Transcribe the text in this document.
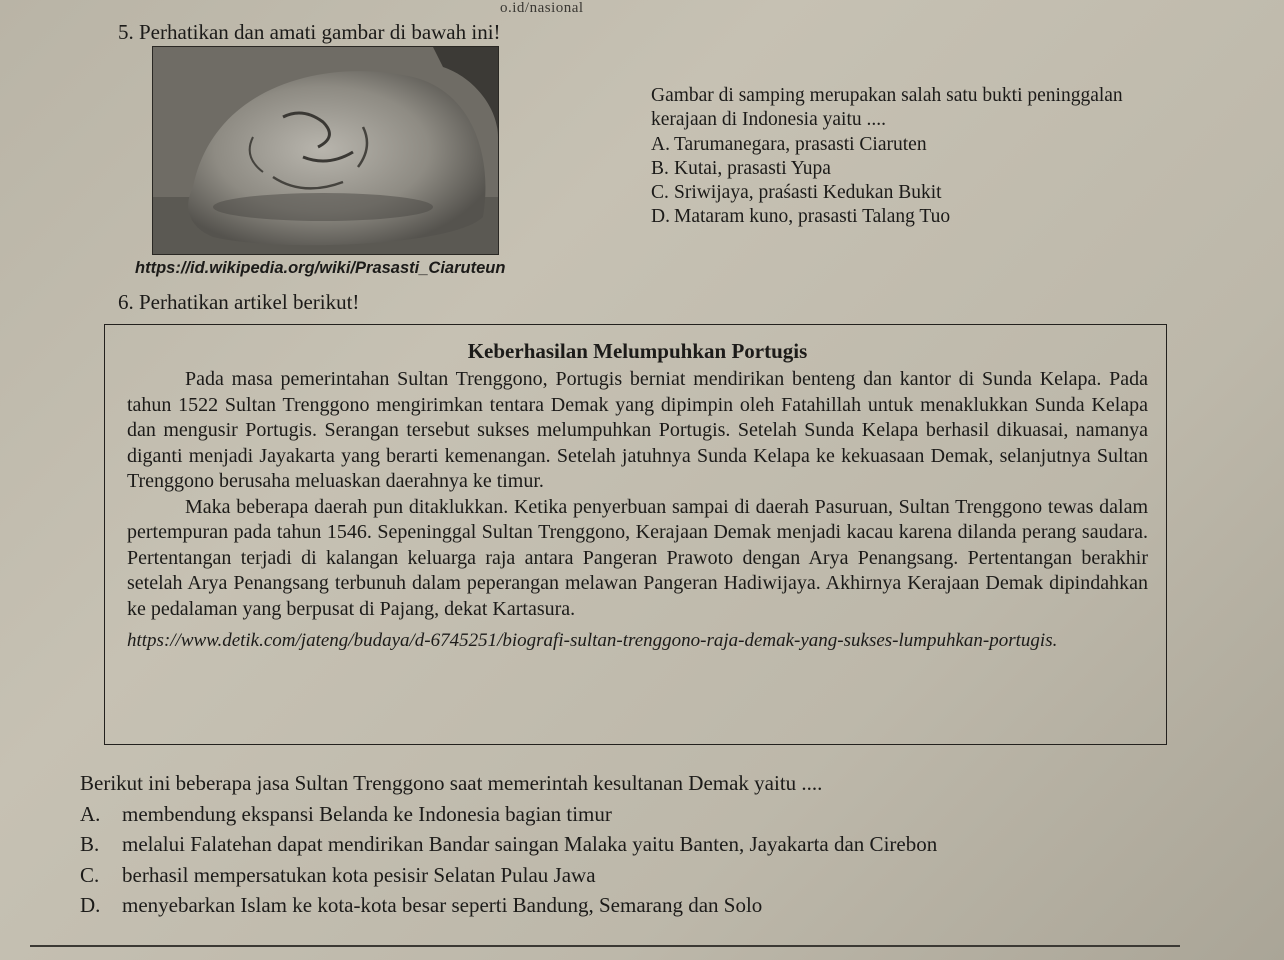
o.id/nasional
5. Perhatikan dan amati gambar di bawah ini!
Gambar di samping merupakan salah satu bukti peninggalan kerajaan di Indonesia yaitu ....
A. Tarumanegara, prasasti Ciaruten
B. Kutai, prasasti Yupa
C. Sriwijaya, praśasti Kedukan Bukit
D. Mataram kuno, prasasti Talang Tuo
https://id.wikipedia.org/wiki/Prasasti_Ciaruteun
6. Perhatikan artikel berikut!
Keberhasilan Melumpuhkan Portugis

Pada masa pemerintahan Sultan Trenggono, Portugis berniat mendirikan benteng dan kantor di Sunda Kelapa. Pada tahun 1522 Sultan Trenggono mengirimkan tentara Demak yang dipimpin oleh Fatahillah untuk menaklukkan Sunda Kelapa dan mengusir Portugis. Serangan tersebut sukses melumpuhkan Portugis. Setelah Sunda Kelapa berhasil dikuasai, namanya diganti menjadi Jayakarta yang berarti kemenangan. Setelah jatuhnya Sunda Kelapa ke kekuasaan Demak, selanjutnya Sultan Trenggono berusaha meluaskan daerahnya ke timur.

Maka beberapa daerah pun ditaklukkan. Ketika penyerbuan sampai di daerah Pasuruan, Sultan Trenggono tewas dalam pertempuran pada tahun 1546. Sepeninggal Sultan Trenggono, Kerajaan Demak menjadi kacau karena dilanda perang saudara. Pertentangan terjadi di kalangan keluarga raja antara Pangeran Prawoto dengan Arya Penangsang. Pertentangan berakhir setelah Arya Penangsang terbunuh dalam peperangan melawan Pangeran Hadiwijaya. Akhirnya Kerajaan Demak dipindahkan ke pedalaman yang berpusat di Pajang, dekat Kartasura.

https://www.detik.com/jateng/budaya/d-6745251/biografi-sultan-trenggono-raja-demak-yang-sukses-lumpuhkan-portugis.

Berikut ini beberapa jasa Sultan Trenggono saat memerintah kesultanan Demak yaitu ....
A.	membendung ekspansi Belanda ke Indonesia bagian timur
B.	melalui Falatehan dapat mendirikan Bandar saingan Malaka yaitu Banten, Jayakarta dan Cirebon
C.	berhasil mempersatukan kota pesisir Selatan Pulau Jawa
D.	menyebarkan Islam ke kota-kota besar seperti Bandung, Semarang dan Solo
